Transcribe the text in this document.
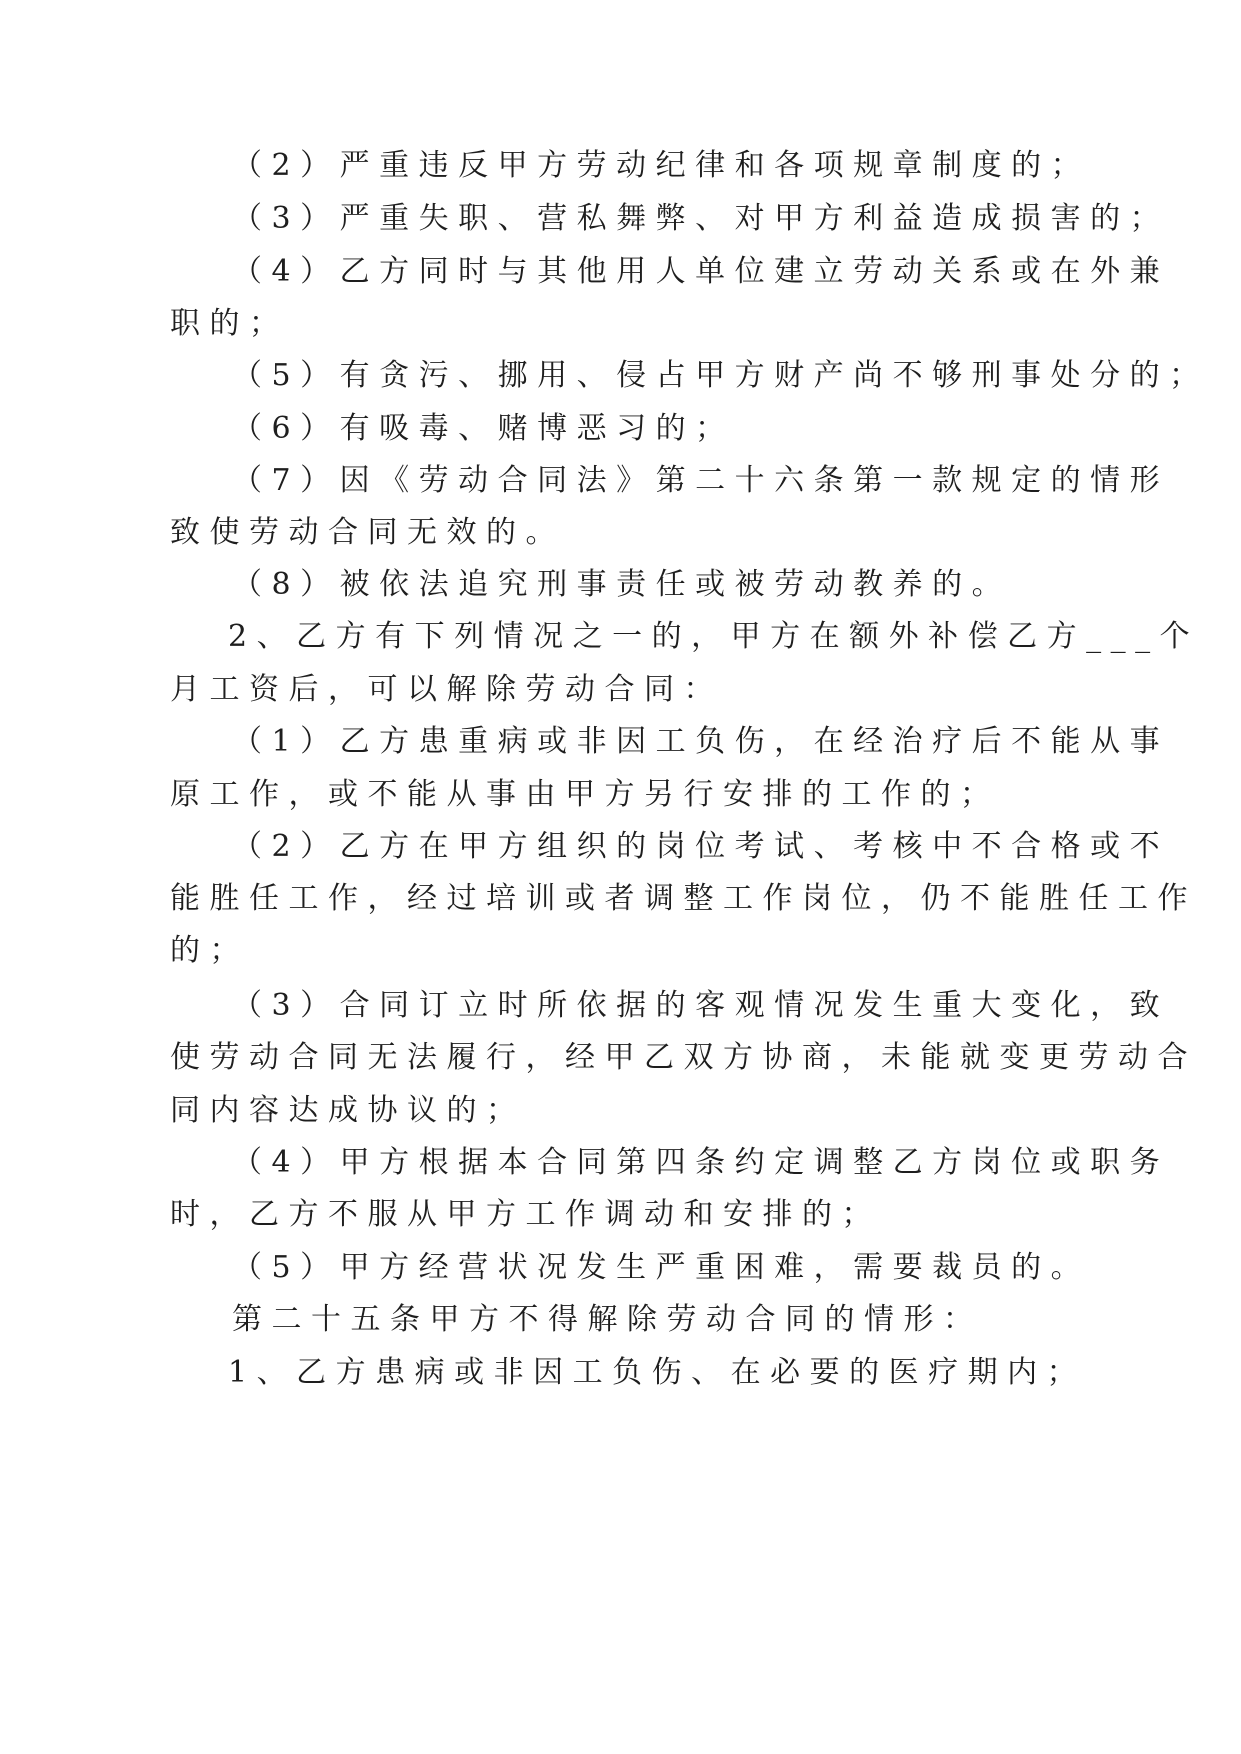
（2）严重违反甲方劳动纪律和各项规章制度的；
（3）严重失职、营私舞弊、对甲方利益造成损害的；
（4）乙方同时与其他用人单位建立劳动关系或在外兼
职的；
（5）有贪污、挪用、侵占甲方财产尚不够刑事处分的；
（6）有吸毒、赌博恶习的；
（7）因《劳动合同法》第二十六条第一款规定的情形
致使劳动合同无效的。
（8）被依法追究刑事责任或被劳动教养的。
2、乙方有下列情况之一的，甲方在额外补偿乙方___个
月工资后，可以解除劳动合同：
（1）乙方患重病或非因工负伤，在经治疗后不能从事
原工作，或不能从事由甲方另行安排的工作的；
（2）乙方在甲方组织的岗位考试、考核中不合格或不
能胜任工作，经过培训或者调整工作岗位，仍不能胜任工作
的；
（3）合同订立时所依据的客观情况发生重大变化，致
使劳动合同无法履行，经甲乙双方协商，未能就变更劳动合
同内容达成协议的；
（4）甲方根据本合同第四条约定调整乙方岗位或职务
时，乙方不服从甲方工作调动和安排的；
（5）甲方经营状况发生严重困难，需要裁员的。
第二十五条甲方不得解除劳动合同的情形：
1、乙方患病或非因工负伤、在必要的医疗期内；
